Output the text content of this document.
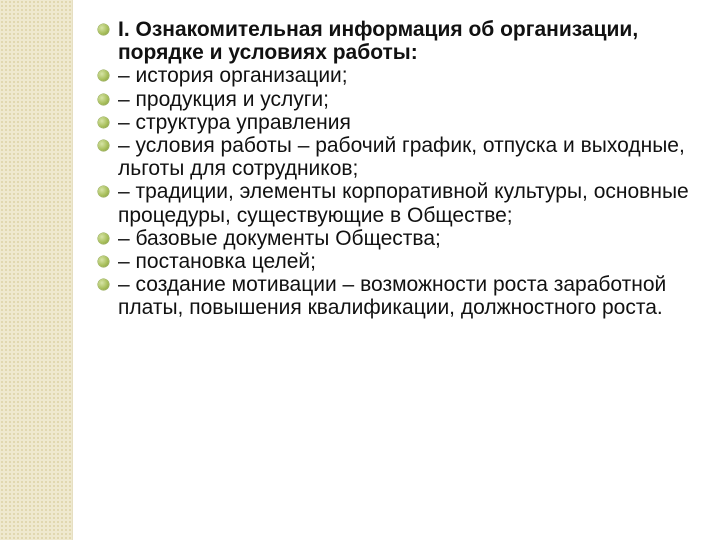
I. Ознакомительная информация об организации, порядке и условиях работы:
– история организации;
– продукция и услуги;
– структура управления
– условия работы – рабочий график, отпуска и выходные, льготы для сотрудников;
– традиции, элементы корпоративной культуры, основные процедуры, существующие в Обществе;
– базовые документы Общества;
– постановка целей;
– создание мотивации – возможности роста заработной платы, повышения квалификации, должностного роста.
